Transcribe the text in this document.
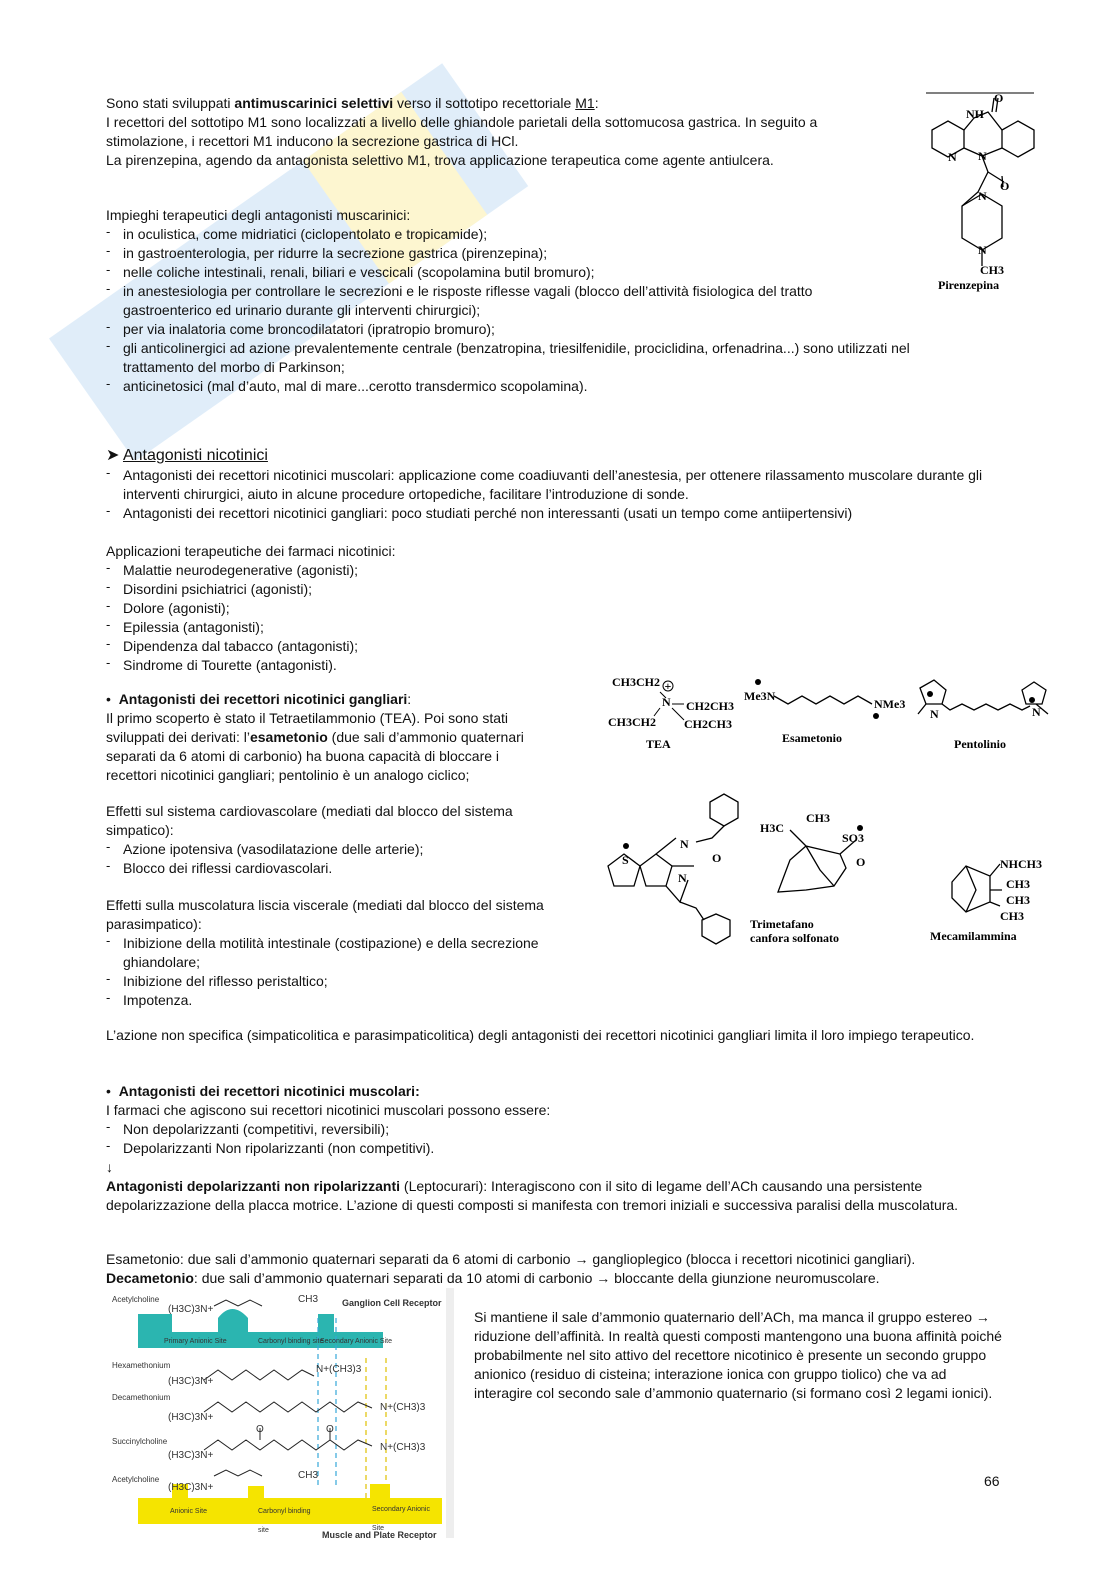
Sono stati sviluppati antimuscarinici selettivi verso il sottotipo recettoriale M1:

I recettori del sottotipo M1 sono localizzati a livello delle ghiandole parietali della sottomucosa gastrica. In seguito a

stimolazione, i recettori M1 inducono la secrezione gastrica di HCl.

La pirenzepina, agendo da antagonista selettivo M1, trova applicazione terapeutica come agente antiulcera.

NH
O
N N
O
N
N
CH3
Pirenzepina

Impieghi terapeutici degli antagonisti muscarinici:

- in oculistica, come midriatici (ciclopentolato e tropicamide);
- in gastroenterologia, per ridurre la secrezione gastrica (pirenzepina);
- nelle coliche intestinali, renali, biliari e vescicali (scopolamina butil bromuro);
- in anestesiologia per controllare le secrezioni e le risposte riflesse vagali (blocco dell’attività fisiologica del tratto gastroenterico ed urinario durante gli interventi chirurgici);
- per via inalatoria come broncodilatatori (ipratropio bromuro);
- gli anticolinergici ad azione prevalentemente centrale (benzatropina, triesilfenidile, prociclidina, orfenadrina...) sono utilizzati nel trattamento del morbo di Parkinson;
- anticinetosici (mal d’auto, mal di mare...cerotto transdermico scopolamina).

➤ Antagonisti nicotinici

- Antagonisti dei recettori nicotinici muscolari: applicazione come coadiuvanti dell’anestesia, per ottenere rilassamento muscolare durante gli interventi chirurgici, aiuto in alcune procedure ortopediche, facilitare l’introduzione di sonde.
- Antagonisti dei recettori nicotinici gangliari: poco studiati perché non interessanti (usati un tempo come antiipertensivi)

Applicazioni terapeutiche dei farmaci nicotinici:

- Malattie neurodegenerative (agonisti);
- Disordini psichiatrici (agonisti);
- Dolore (agonisti);
- Epilessia (antagonisti);
- Dipendenza dal tabacco (antagonisti);
- Sindrome di Tourette (antagonisti).

• Antagonisti dei recettori nicotinici gangliari:

Il primo scoperto è stato il Tetraetilammonio (TEA). Poi sono stati

sviluppati dei derivati: l’esametonio (due sali d’ammonio quaternari

separati da 6 atomi di carbonio) ha buona capacità di bloccare i

recettori nicotinici gangliari; pentolinio è un analogo ciclico;

Effetti sul sistema cardiovascolare (mediati dal blocco del sistema

simpatico):

- Azione ipotensiva (vasodilatazione delle arterie);
- Blocco dei riflessi cardiovascolari.

Effetti sulla muscolatura liscia viscerale (mediati dal blocco del sistema

parasimpatico):

- Inibizione della motilità intestinale (costipazione) e della secrezione ghiandolare;
- Inibizione del riflesso peristaltico;
- Impotenza.
CH3CH2 +
N CH2CH3
CH2CH3
CH3CH2
TEA
Me3N
NMe3
Esametonio
N	N
Pentolinio
S
N
O
N
H3C
CH3
SO3
O
Trimetafano
canfora solfonato
NHCH3
CH3
CH3
CH3
Mecamilammina

L’azione non specifica (simpaticolitica e parasimpaticolitica) degli antagonisti dei recettori nicotinici gangliari limita il loro impiego terapeutico.

• Antagonisti dei recettori nicotinici muscolari:

I farmaci che agiscono sui recettori nicotinici muscolari possono essere:

- Non depolarizzanti (competitivi, reversibili);
- Depolarizzanti Non ripolarizzanti (non competitivi).

↓

Antagonisti depolarizzanti non ripolarizzanti (Leptocurari): Interagiscono con il sito di legame dell’ACh causando una persistente depolarizzazione della placca motrice. L’azione di questi composti si manifesta con tremori iniziali e successiva paralisi della muscolatura.

Esametonio: due sali d’ammonio quaternari separati da 6 atomi di carbonio → ganglioplegico (blocca i recettori nicotinici gangliari).

Decametonio: due sali d’ammonio quaternari separati da 10 atomi di carbonio → bloccante della giunzione neuromuscolare.

Acetylcholine
(H3C)3N+
CH3	Ganglion Cell Receptor
Primary Anionic Site	Carbonyl binding site
Secondary Anionic Site
Hexamethonium
(H3C)3N+
N+(CH3)3
Decamethonium
(H3C)3N+
N+(CH3)3
Succinylcholine
O	O
(H3C)3N+
N+(CH3)3
Acetylcholine
(H3C)3N+
CH3
Anionic Site	Carbonyl binding site
Secondary Anionic Site
Muscle and Plate Receptor

Si mantiene il sale d’ammonio quaternario dell’ACh, ma manca il gruppo estereo → riduzione dell’affinità. In realtà questi composti mantengono una buona affinità poiché probabilmente nel sito attivo del recettore nicotinico è presente un secondo gruppo anionico (residuo di cisteina; interazione ionica con gruppo tiolico) che va ad interagire col secondo sale d’ammonio quaternario (si formano così 2 legami ionici).

66
